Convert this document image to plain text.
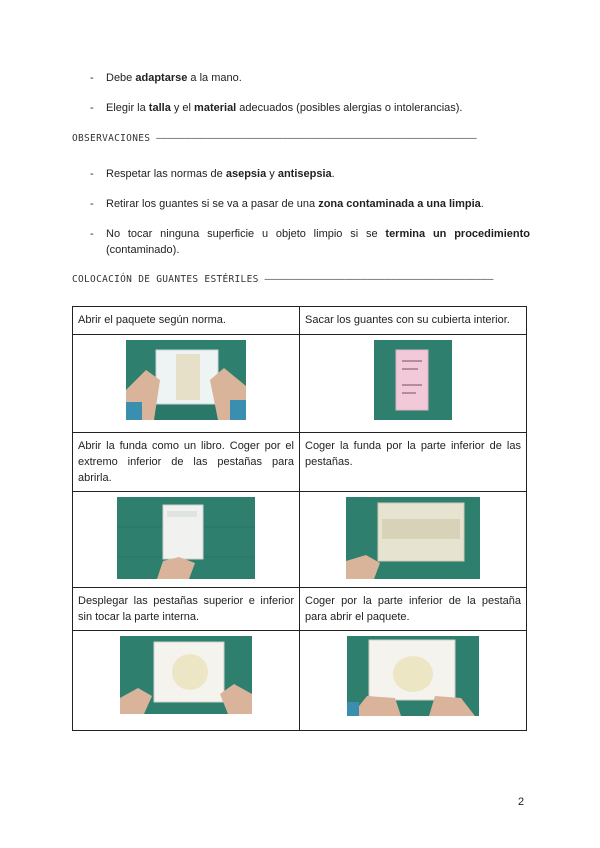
- Debe adaptarse a la mano.
- Elegir la talla y el material adecuados (posibles alergias o intolerancias).
OBSERVACIONES ————————————————————————————————————————————————————————
- Respetar las normas de asepsia y antisepsia.
- Retirar los guantes si se va a pasar de una zona contaminada a una limpia.
- No tocar ninguna superficie u objeto limpio si se termina un procedimiento (contaminado).
COLOCACIÓN DE GUANTES ESTÉRILES ————————————————————————————————————————
Abrir el paquete según norma.	Sacar los guantes con su cubierta interior.

Abrir la funda como un libro. Coger por el extremo inferior de las pestañas para abrirla.	Coger la funda por la parte inferior de las pestañas.

Desplegar las pestañas superior e inferior sin tocar la parte interna.	Coger por la parte inferior de la pestaña para abrir el paquete.

2
